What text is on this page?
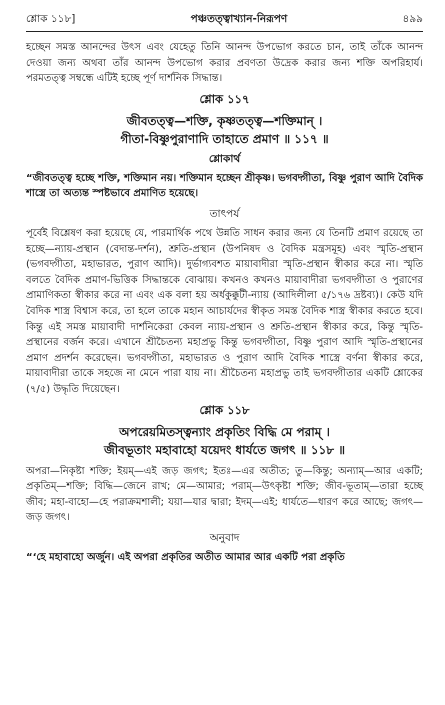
শ্লোক ১১৮]	পঞ্চতত্ত্বাখ্যান-নিরূপণ	৪৯৯

হচ্ছেন সমস্ত আনন্দের উৎস এবং যেহেতু তিনি আনন্দ উপভোগ করতে চান, তাই তাঁকে আনন্দ দেওয়া জন্য অথবা তাঁর আনন্দ উপভোগ করার প্রবণতা উদ্রেক করার জন্য শক্তি অপরিহার্য। পরমতত্ত্ব সম্বন্ধে এটিই হচ্ছে পূর্ণ দার্শনিক সিদ্ধান্ত।

শ্লোক ১১৭
জীবতত্ত্ব—শক্তি, কৃষ্ণতত্ত্ব—শক্তিমান্ ।
গীতা-বিষ্ণুপুরাণাদি তাহাতে প্রমাণ ॥ ১১৭ ॥
শ্লোকার্থ

“জীবতত্ত্ব হচ্ছে শক্তি, শক্তিমান নয়। শক্তিমান হচ্ছেন শ্রীকৃষ্ণ। ভগবদ্গীতা, বিষ্ণু পুরাণ আদি বৈদিক শাস্ত্রে তা অত্যন্ত স্পষ্টভাবে প্রমাণিত হয়েছে।

তাৎপর্য

পূর্বেই বিশ্লেষণ করা হয়েছে যে, পারমার্থিক পথে উন্নতি সাধন করার জন্য যে তিনটি প্রমাণ রয়েছে তা হচ্ছে—ন্যায়-প্রস্থান (বেদান্ত-দর্শন), শ্রুতি-প্রস্থান (উপনিষদ ও বৈদিক মন্ত্রসমূহ) এবং স্মৃতি-প্রস্থান (ভগবদ্গীতা, মহাভারত, পুরাণ আদি)। দুর্ভাগ্যবশত মায়াবাদীরা স্মৃতি-প্রস্থান স্বীকার করে না। স্মৃতি বলতে বৈদিক প্রমাণ-ভিত্তিক সিদ্ধান্তকে বোঝায়। কখনও কখনও মায়াবাদীরা ভগবদ্গীতা ও পুরাণের প্রামাণিকতা স্বীকার করে না এবং এক বলা হয় অর্ধকুক্কুটী-ন্যায় (আদিলীলা ৫/১৭৬ দ্রষ্টব্য)। কেউ যদি বৈদিক শাস্ত্র বিশ্বাস করে, তা হলে তাকে মহান আচার্যদের স্বীকৃত সমস্ত বৈদিক শাস্ত্র স্বীকার করতে হবে। কিন্তু এই সমস্ত মায়াবাদী দার্শনিকেরা কেবল ন্যায়-প্রস্থান ও শ্রুতি-প্রস্থান স্বীকার করে, কিন্তু স্মৃতি-প্রস্থানের বর্জন করে। এখানে শ্রীচৈতন্য মহাপ্রভু কিন্তু ভগবদ্গীতা, বিষ্ণু পুরাণ আদি স্মৃতি-প্রস্থানের প্রমাণ প্রদর্শন করেছেন। ভগবদ্গীতা, মহাভারত ও পুরাণ আদি বৈদিক শাস্ত্রে বর্ণনা স্বীকার করে, মায়াবাদীরা তাকে সহজে না মেনে পারা যায় না। শ্রীচৈতন্য মহাপ্রভু তাই ভগবদ্গীতার একটি শ্লোকের (৭/৫) উদ্ধৃতি দিয়েছেন।

শ্লোক ১১৮
অপরেয়মিতস্ত্বন্যাং প্রকৃতিং বিদ্ধি মে পরাম্ ।
জীবভূতাং মহাবাহো যয়েদং ধার্যতে জগৎ ॥ ১১৮ ॥

অপরা—নিকৃষ্টা শক্তি; ইয়ম্—এই জড় জগৎ; ইতঃ—এর অতীত; তু—কিন্তু; অন্যাম্—আর একটি; প্রকৃতিম্—শক্তি; বিদ্ধি—জেনে রাখ; মে—আমার; পরাম্—উৎকৃষ্টা শক্তি; জীব-ভূতাম্—তারা হচ্ছে জীব; মহা-বাহো—হে পরাক্রমশালী; যয়া—যার দ্বারা; ইদম্—এই; ধার্যতে—ধারণ করে আছে; জগৎ—জড় জগৎ।

অনুবাদ

“‘হে মহাবাহো অর্জুন। এই অপরা প্রকৃতির অতীত আমার আর একটি পরা প্রকৃতি
